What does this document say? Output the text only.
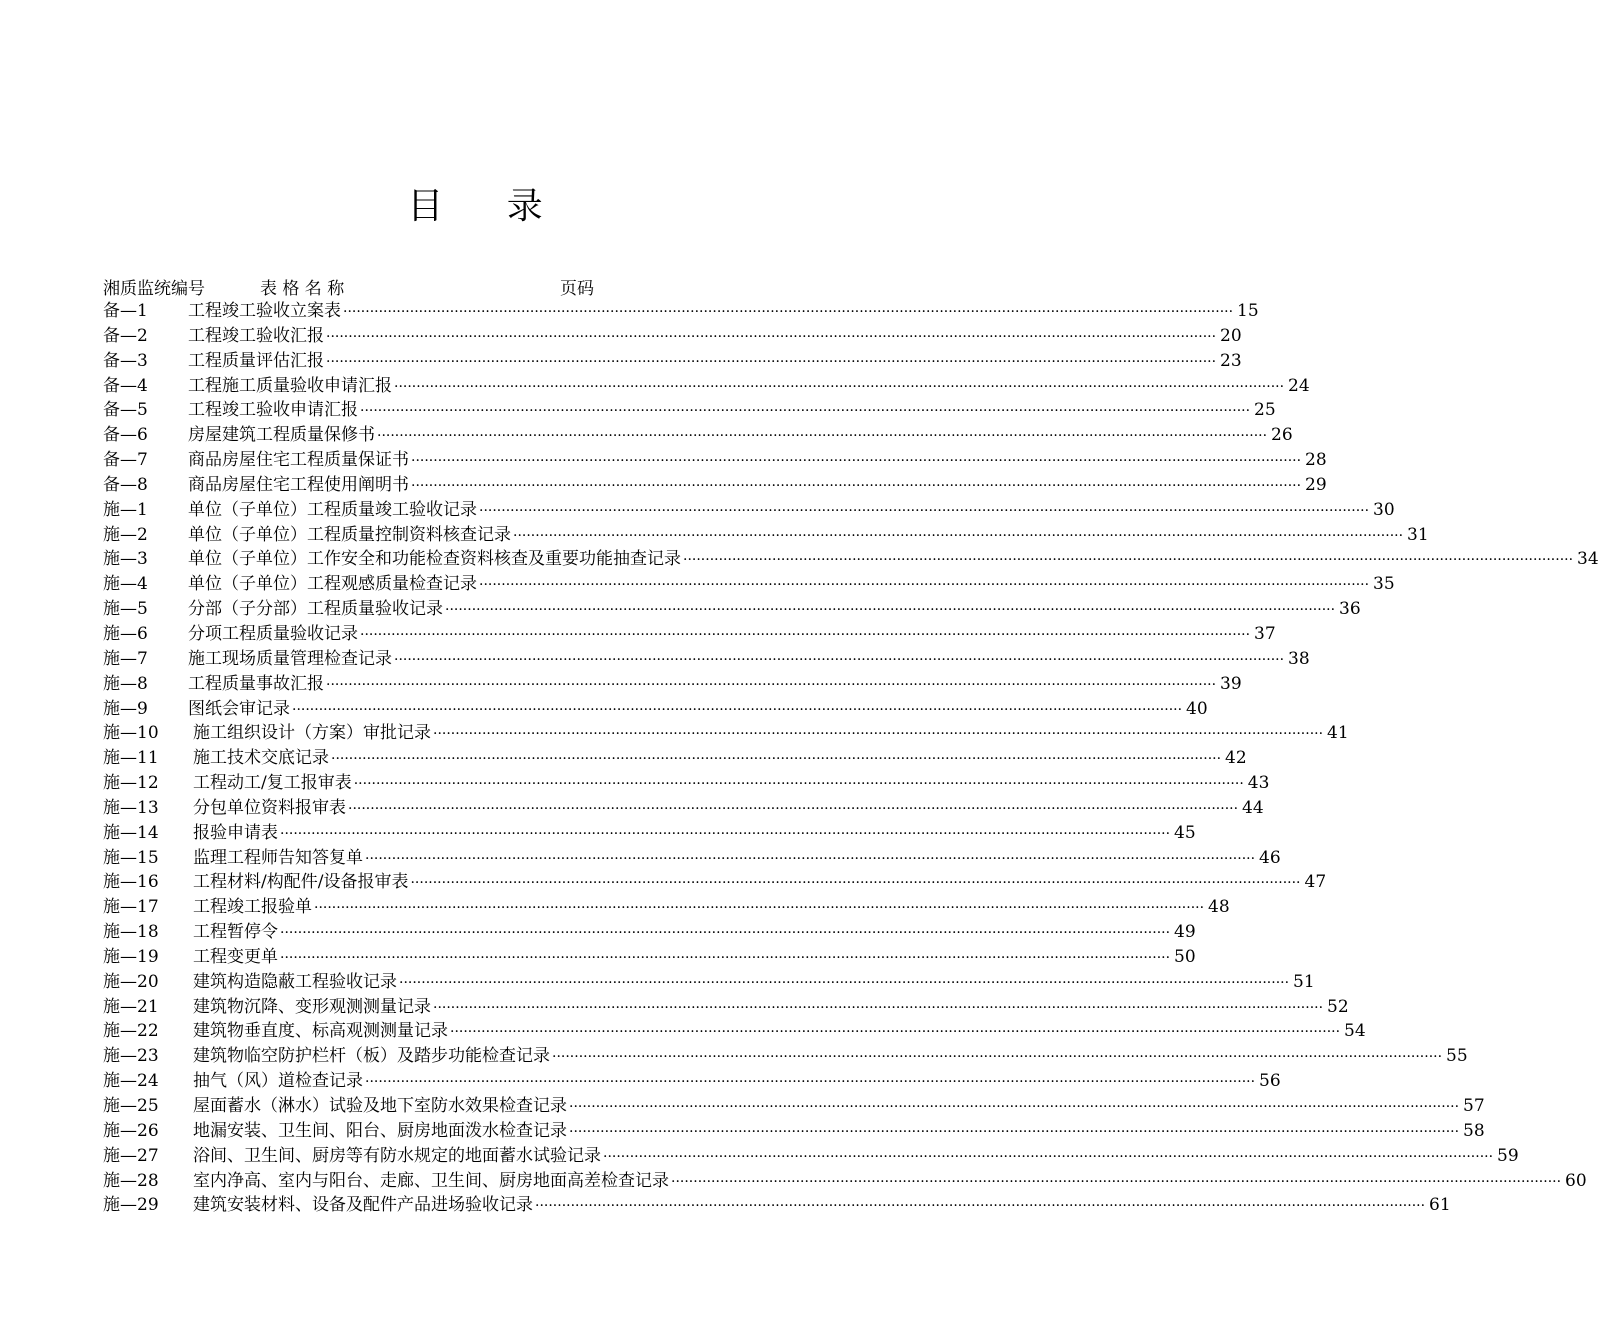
目 录
湘质监统编号	表 格 名 称	页码
备—1 工程竣工验收立案表 ········································································································································································································ 15
备—2 工程竣工验收汇报 ········································································································································································································ 20
备—3 工程质量评估汇报 ········································································································································································································ 23
备—4 工程施工质量验收申请汇报 ········································································································································································································ 24
备—5 工程竣工验收申请汇报 ········································································································································································································ 25
备—6 房屋建筑工程质量保修书 ········································································································································································································ 26
备—7 商品房屋住宅工程质量保证书 ········································································································································································································ 28
备—8 商品房屋住宅工程使用阐明书 ········································································································································································································ 29
施—1 单位（子单位）工程质量竣工验收记录 ········································································································································································································ 30
施—2 单位（子单位）工程质量控制资料核查记录 ········································································································································································································ 31
施—3 单位（子单位）工作安全和功能检查资料核查及重要功能抽查记录 ········································································································································································································ 34
施—4 单位（子单位）工程观感质量检查记录 ········································································································································································································ 35
施—5 分部（子分部）工程质量验收记录 ········································································································································································································ 36
施—6 分项工程质量验收记录 ········································································································································································································ 37
施—7 施工现场质量管理检查记录 ········································································································································································································ 38
施—8 工程质量事故汇报 ········································································································································································································ 39
施—9 图纸会审记录 ········································································································································································································ 40
施—10 施工组织设计（方案）审批记录 ········································································································································································································ 41
施—11 施工技术交底记录 ········································································································································································································ 42
施—12 工程动工/复工报审表 ········································································································································································································ 43
施—13 分包单位资料报审表 ········································································································································································································ 44
施—14 报验申请表 ········································································································································································································ 45
施—15 监理工程师告知答复单 ········································································································································································································ 46
施—16 工程材料/构配件/设备报审表 ········································································································································································································ 47
施—17 工程竣工报验单 ········································································································································································································ 48
施—18 工程暂停令 ········································································································································································································ 49
施—19 工程变更单 ········································································································································································································ 50
施—20 建筑构造隐蔽工程验收记录 ········································································································································································································ 51
施—21 建筑物沉降、变形观测测量记录 ········································································································································································································ 52
施—22 建筑物垂直度、标高观测测量记录 ········································································································································································································ 54
施—23 建筑物临空防护栏杆（板）及踏步功能检查记录 ········································································································································································································ 55
施—24 抽气（风）道检查记录 ········································································································································································································ 56
施—25 屋面蓄水（淋水）试验及地下室防水效果检查记录 ········································································································································································································ 57
施—26 地漏安装、卫生间、阳台、厨房地面泼水检查记录 ········································································································································································································ 58
施—27 浴间、卫生间、厨房等有防水规定的地面蓄水试验记录 ········································································································································································································ 59
施—28 室内净高、室内与阳台、走廊、卫生间、厨房地面高差检查记录 ········································································································································································································ 60
施—29 建筑安装材料、设备及配件产品进场验收记录 ········································································································································································································ 61
